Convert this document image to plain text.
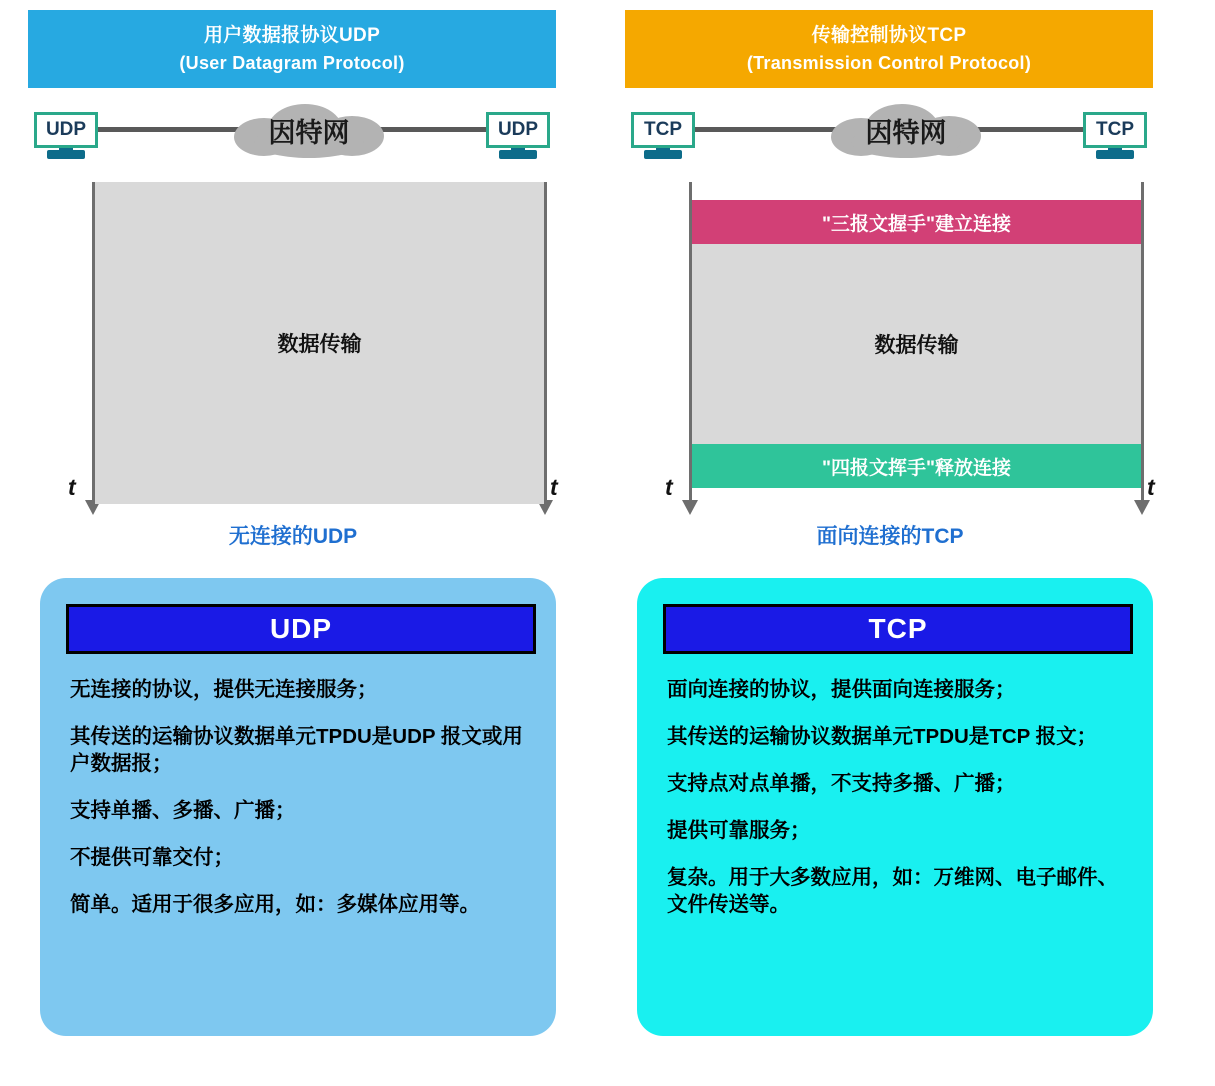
用户数据报协议UDP
(User Datagram Protocol)
因特网
UDP	UDP
数据传输
t	t
无连接的UDP
UDP
无连接的协议，提供无连接服务；
其传送的运输协议数据单元TPDU是UDP 报文或用户数据报；
支持单播、多播、广播；
不提供可靠交付；
简单。适用于很多应用，如：多媒体应用等。
传输控制协议TCP
(Transmission Control Protocol)
因特网
TCP	TCP
"三报文握手"建立连接
数据传输
"四报文挥手"释放连接
t	t
面向连接的TCP
TCP
面向连接的协议，提供面向连接服务；
其传送的运输协议数据单元TPDU是TCP 报文；
支持点对点单播，不支持多播、广播；
提供可靠服务；
复杂。用于大多数应用，如：万维网、电子邮件、文件传送等。
